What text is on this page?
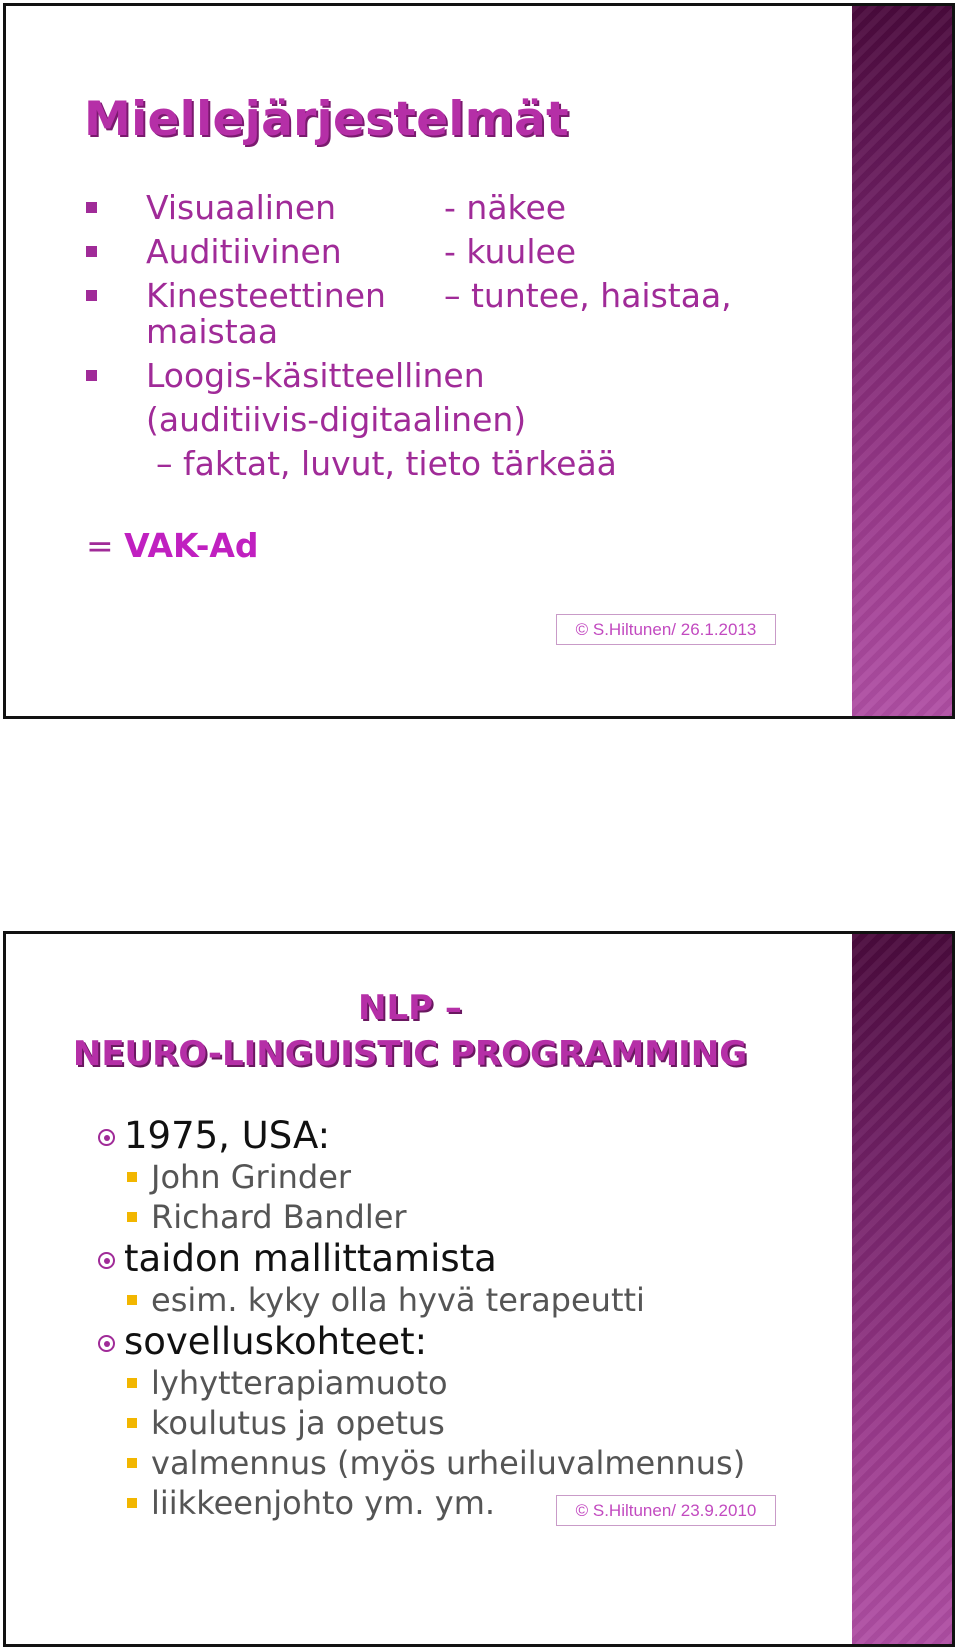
Miellejärjestelmät
Visuaalinen	- näkee
Auditiivinen	- kuulee
Kinesteettinen	– tuntee, haistaa,
maistaa
Loogis-käsitteellinen
(auditiivis-digitaalinen)
– faktat, luvut, tieto tärkeää
= VAK-Ad
© S.Hiltunen/ 26.1.2013
NLP –
NEURO-LINGUISTIC PROGRAMMING
1975, USA:
John Grinder
Richard Bandler
taidon mallittamista
esim. kyky olla hyvä terapeutti
sovelluskohteet:
lyhytterapiamuoto
koulutus ja opetus
valmennus (myös urheiluvalmennus)
liikkeenjohto ym. ym.	© S.Hiltunen/ 23.9.2010
